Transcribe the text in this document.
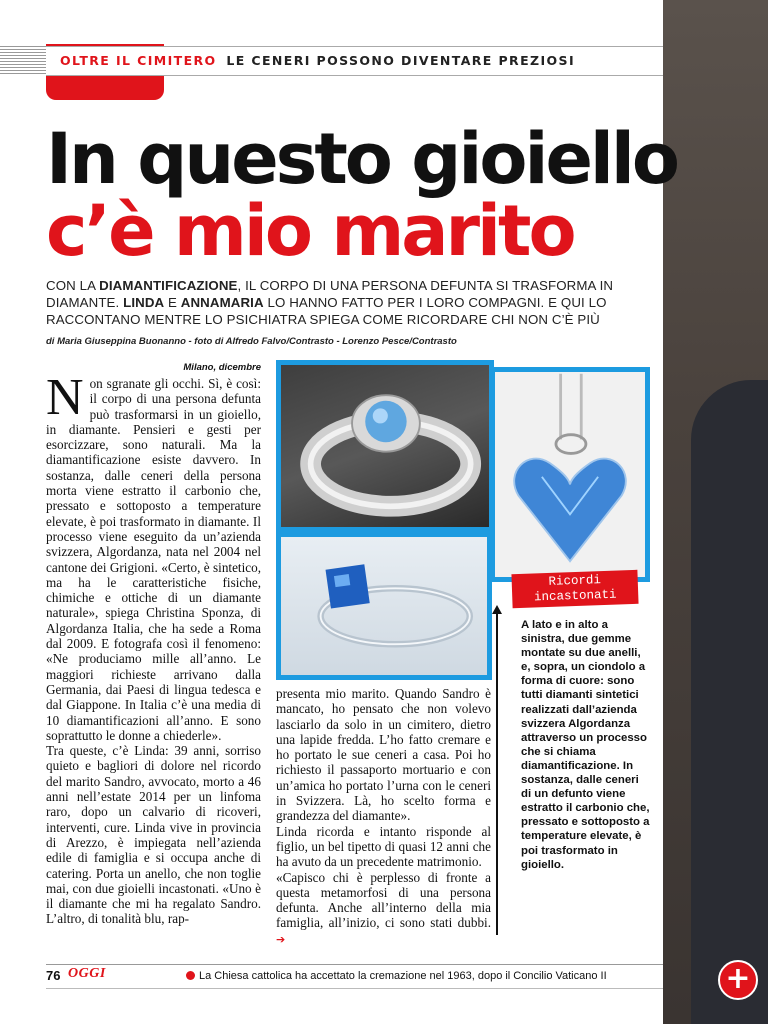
OLTRE IL CIMITERO LE CENERI POSSONO DIVENTARE PREZIOSI
In questo gioiello
c’è mio marito

CON LA DIAMANTIFICAZIONE, IL CORPO DI UNA PERSONA DEFUNTA SI TRASFORMA IN DIAMANTE. LINDA E ANNAMARIA LO HANNO FATTO PER I LORO COMPAGNI. E QUI LO RACCONTANO MENTRE LO PSICHIATRA SPIEGA COME RICORDARE CHI NON C’È PIÙ

di Maria Giuseppina Buonanno - foto di Alfredo Falvo/Contrasto - Lorenzo Pesce/Contrasto
Milano, dicembre

Non sgranate gli occhi. Sì, è così: il corpo di una persona defunta può trasformarsi in un gioiello, in diamante. Pensieri e gesti per esorcizzare, sono naturali. Ma la diamantificazione esiste davvero. In sostanza, dalle ceneri della persona morta viene estratto il carbonio che, pressato e sottoposto a temperature elevate, è poi trasformato in diamante. Il processo viene eseguito da un’azienda svizzera, Algordanza, nata nel 2004 nel cantone dei Grigioni. «Certo, è sintetico, ma ha le caratteristiche fisiche, chimiche e ottiche di un diamante naturale», spiega Christina Sponza, di Algordanza Italia, che ha sede a Roma dal 2009. E fotografa così il fenomeno: «Ne produciamo mille all’anno. Le maggiori richieste arrivano dalla Germania, dai Paesi di lingua tedesca e dal Giappone. In Italia c’è una media di 10 diamantificazioni all’anno. E sono soprattutto le donne a chiederle».

Tra queste, c’è Linda: 39 anni, sorriso quieto e bagliori di dolore nel ricordo del marito Sandro, avvocato, morto a 46 anni nell’estate 2014 per un linfoma raro, dopo un calvario di ricoveri, interventi, cure. Linda vive in provincia di Arezzo, è impiegata nell’azienda edile di famiglia e si occupa anche di catering. Porta un anello, che non toglie mai, con due gioielli incastonati. «Uno è il diamante che mi ha regalato Sandro. L’altro, di tonalità blu, rap-

presenta mio marito. Quando Sandro è mancato, ho pensato che non volevo lasciarlo da solo in un cimitero, dietro una lapide fredda. L’ho fatto cremare e ho portato le sue ceneri a casa. Poi ho richiesto il passaporto mortuario e con un’amica ho portato l’urna con le ceneri in Svizzera. Là, ho scelto forma e grandezza del diamante».

Linda ricorda e intanto risponde al figlio, un bel tipetto di quasi 12 anni che ha avuto da un precedente matrimonio.

«Capisco chi è perplesso di fronte a questa metamorfosi di una persona defunta. Anche all’interno della mia famiglia, all’inizio, ci sono stati dubbi. ➔

Ricordi incastonati
A lato e in alto a sinistra, due gemme montate su due anelli, e, sopra, un ciondolo a forma di cuore: sono tutti diamanti sintetici realizzati dall’azienda svizzera Algordanza attraverso un processo che si chiama diamantificazione. In sostanza, dalle ceneri di un defunto viene estratto il carbonio che, pressato e sottoposto a temperature elevate, è poi trasformato in gioiello.
76 OGGI	La Chiesa cattolica ha accettato la cremazione nel 1963, dopo il Concilio Vaticano II	+
